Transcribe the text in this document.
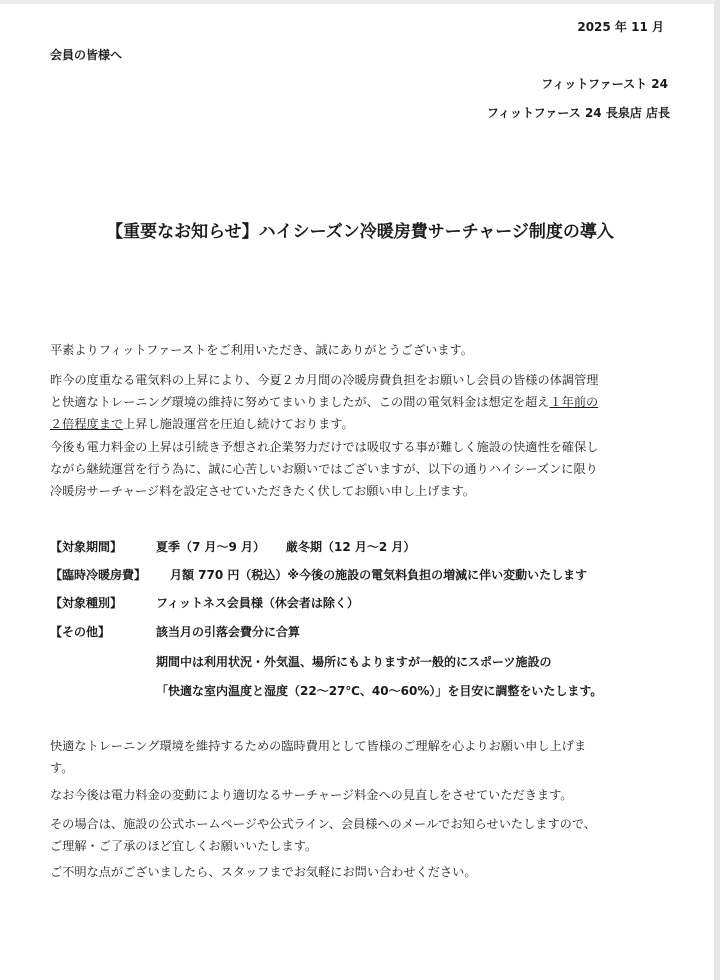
2025 年 11 月
会員の皆様へ
フィットファースト 24
フィットファース 24 長泉店 店長
【重要なお知らせ】ハイシーズン冷暖房費サーチャージ制度の導入

平素よりフィットファーストをご利用いただき、誠にありがとうございます。

昨今の度重なる電気料の上昇により、今夏２カ月間の冷暖房費負担をお願いし会員の皆様の体調管理

と快適なトレーニング環境の維持に努めてまいりましたが、この間の電気料金は想定を超え１年前の

２倍程度まで上昇し施設運営を圧迫し続けております。

今後も電力料金の上昇は引続き予想され企業努力だけでは吸収する事が難しく施設の快適性を確保し

ながら継続運営を行う為に、誠に心苦しいお願いではございますが、以下の通りハイシーズンに限り

冷暖房サーチャージ料を設定させていただきたく伏してお願い申し上げます。

【対象期間】	夏季（7 月～9 月） 厳冬期（12 月～2 月）
【臨時冷暖房費】 月額 770 円（税込）※今後の施設の電気料負担の増減に伴い変動いたします
【対象種別】	フィットネス会員様（休会者は除く）
【その他】	該当月の引落会費分に合算
期間中は利用状況・外気温、場所にもよりますが一般的にスポーツ施設の
「快適な室内温度と湿度（22～27℃、40～60%）」を目安に調整をいたします。

快適なトレーニング環境を維持するための臨時費用として皆様のご理解を心よりお願い申し上げま

す。

なお今後は電力料金の変動により適切なるサーチャージ料金への見直しをさせていただきます。

その場合は、施設の公式ホームページや公式ライン、会員様へのメールでお知らせいたしますので、

ご理解・ご了承のほど宜しくお願いいたします。

ご不明な点がございましたら、スタッフまでお気軽にお問い合わせください。
